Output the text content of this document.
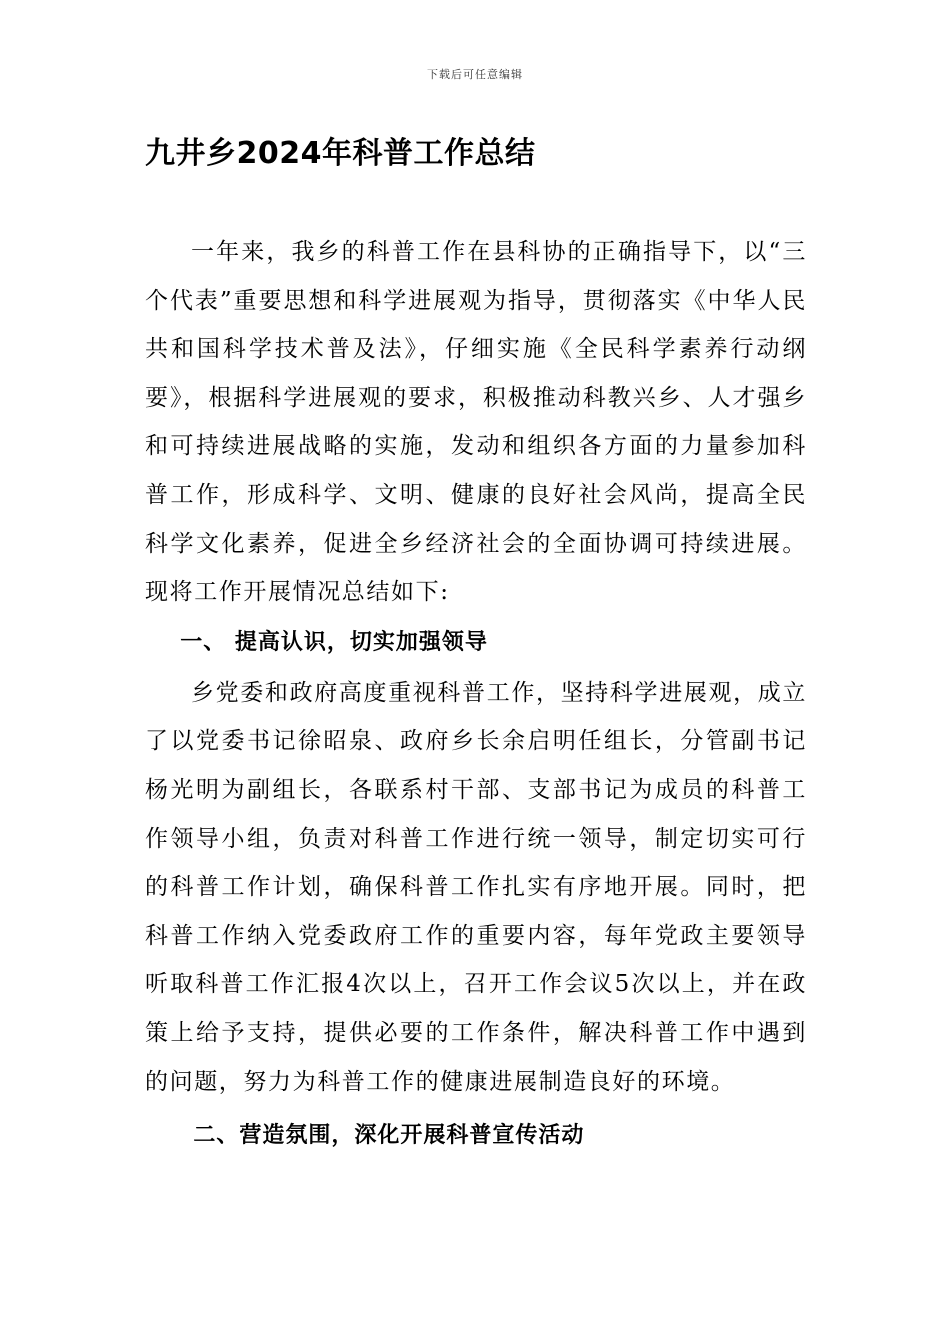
下载后可任意编辑
九井乡2024年科普工作总结

一年来，我乡的科普工作在县科协的正确指导下，以“三个代表”重要思想和科学进展观为指导，贯彻落实《中华人民共和国科学技术普及法》，仔细实施《全民科学素养行动纲要》，根据科学进展观的要求，积极推动科教兴乡、人才强乡和可持续进展战略的实施，发动和组织各方面的力量参加科普工作，形成科学、文明、健康的良好社会风尚，提高全民科学文化素养，促进全乡经济社会的全面协调可持续进展。现将工作开展情况总结如下:

一、 提高认识，切实加强领导

乡党委和政府高度重视科普工作，坚持科学进展观，成立了以党委书记徐昭泉、政府乡长余启明任组长，分管副书记杨光明为副组长，各联系村干部、支部书记为成员的科普工作领导小组，负责对科普工作进行统一领导，制定切实可行的科普工作计划，确保科普工作扎实有序地开展。同时，把科普工作纳入党委政府工作的重要内容，每年党政主要领导听取科普工作汇报4次以上，召开工作会议5次以上，并在政策上给予支持，提供必要的工作条件，解决科普工作中遇到的问题，努力为科普工作的健康进展制造良好的环境。

二、营造氛围，深化开展科普宣传活动
